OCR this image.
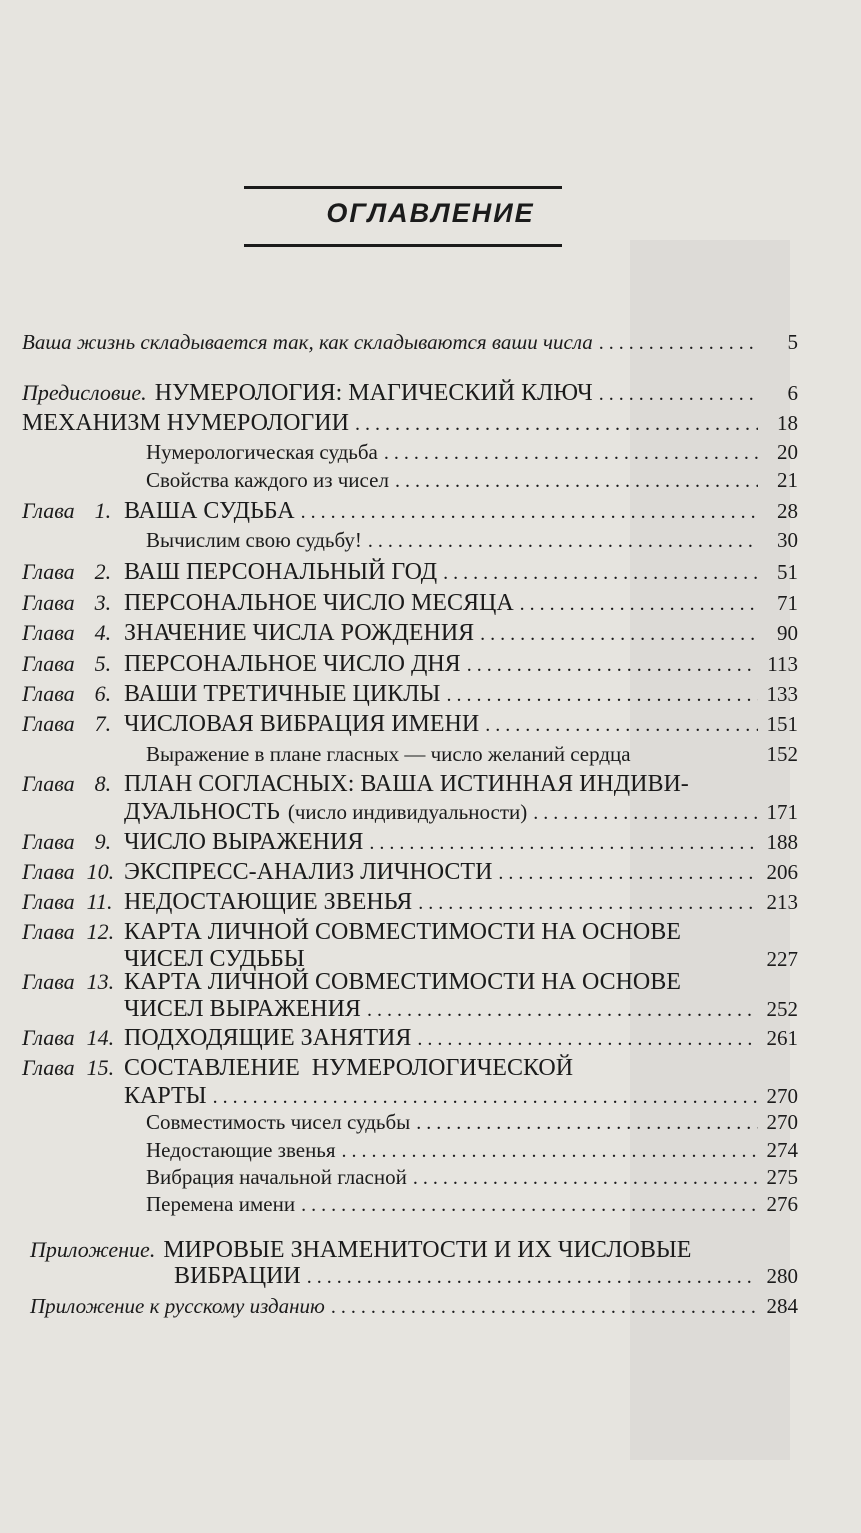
ОГЛАВЛЕНИЕ
Ваша жизнь складывается так, как складываются ваши числа . . .	5
Предисловие. НУМЕРОЛОГИЯ: МАГИЧЕСКИЙ КЛЮЧ . . .	6
МЕХАНИЗМ НУМЕРОЛОГИИ . . .	18
Нумерологическая судьба . . .	20
Свойства каждого из чисел . . .	21
Глава 1. ВАША СУДЬБА . . .	28
Вычислим свою судьбу! . . .	30
Глава 2. ВАШ ПЕРСОНАЛЬНЫЙ ГОД . . .	51
Глава 3. ПЕРСОНАЛЬНОЕ ЧИСЛО МЕСЯЦА . . .	71
Глава 4. ЗНАЧЕНИЕ ЧИСЛА РОЖДЕНИЯ . . .	90
Глава 5. ПЕРСОНАЛЬНОЕ ЧИСЛО ДНЯ . . .	113
Глава 6. ВАШИ ТРЕТИЧНЫЕ ЦИКЛЫ . . .	133
Глава 7. ЧИСЛОВАЯ ВИБРАЦИЯ ИМЕНИ . . .	151
Выражение в плане гласных — число желаний сердца	152
Глава 8. ПЛАН СОГЛАСНЫХ: ВАША ИСТИННАЯ ИНДИВИ-
ДУАЛЬНОСТЬ (число индивидуальности) . . .	171
Глава 9. ЧИСЛО ВЫРАЖЕНИЯ . . .	188
Глава 10. ЭКСПРЕСС-АНАЛИЗ ЛИЧНОСТИ . . .	206
Глава 11. НЕДОСТАЮЩИЕ ЗВЕНЬЯ . . .	213
Глава 12. КАРТА ЛИЧНОЙ СОВМЕСТИМОСТИ НА ОСНОВЕ
ЧИСЕЛ СУДЬБЫ	227
Глава 13. КАРТА ЛИЧНОЙ СОВМЕСТИМОСТИ НА ОСНОВЕ
ЧИСЕЛ ВЫРАЖЕНИЯ . . .	252
Глава 14. ПОДХОДЯЩИЕ ЗАНЯТИЯ . . .	261
Глава 15. СОСТАВЛЕНИЕ  НУМЕРОЛОГИЧЕСКОЙ
КАРТЫ . . .	270
Совместимость чисел судьбы . . .	270
Недостающие звенья . . .	274
Вибрация начальной гласной . . .	275
Перемена имени . . .	276
Приложение. МИРОВЫЕ ЗНАМЕНИТОСТИ И ИХ ЧИСЛОВЫЕ
ВИБРАЦИИ . . .	280
Приложение к русскому изданию . . .	284
